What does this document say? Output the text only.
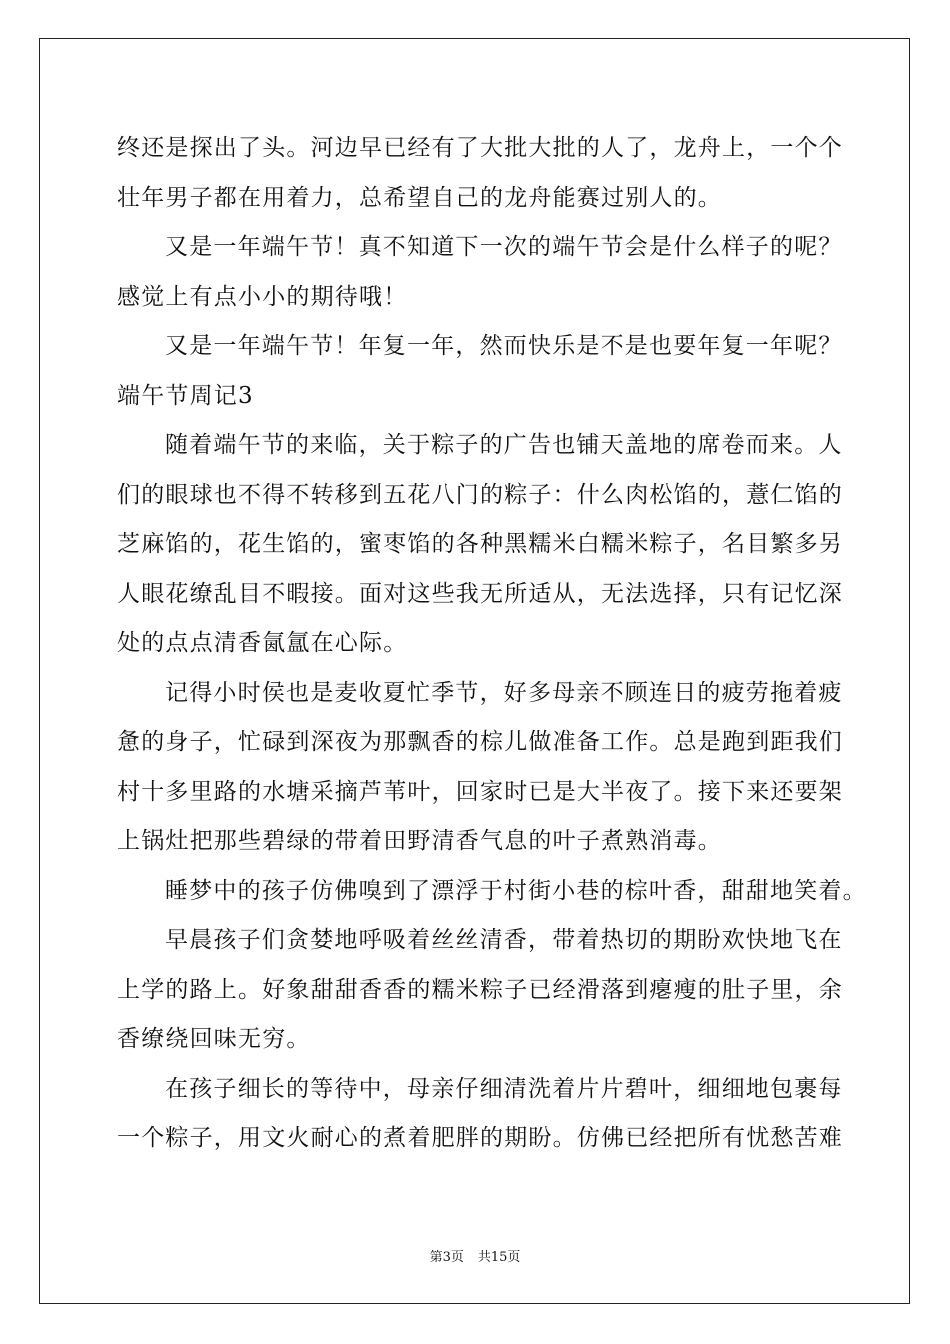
终还是探出了头。河边早已经有了大批大批的人了，龙舟上，一个个
壮年男子都在用着力，总希望自己的龙舟能赛过别人的。
又是一年端午节！真不知道下一次的端午节会是什么样子的呢？
感觉上有点小小的期待哦！
又是一年端午节！年复一年，然而快乐是不是也要年复一年呢？
端午节周记3
随着端午节的来临，关于粽子的广告也铺天盖地的席卷而来。人
们的眼球也不得不转移到五花八门的粽子：什么肉松馅的，薏仁馅的
芝麻馅的，花生馅的，蜜枣馅的各种黑糯米白糯米粽子，名目繁多另
人眼花缭乱目不暇接。面对这些我无所适从，无法选择，只有记忆深
处的点点清香氤氲在心际。
记得小时侯也是麦收夏忙季节，好多母亲不顾连日的疲劳拖着疲
惫的身子，忙碌到深夜为那飘香的棕儿做准备工作。总是跑到距我们
村十多里路的水塘采摘芦苇叶，回家时已是大半夜了。接下来还要架
上锅灶把那些碧绿的带着田野清香气息的叶子煮熟消毒。
睡梦中的孩子仿佛嗅到了漂浮于村街小巷的棕叶香，甜甜地笑着。
早晨孩子们贪婪地呼吸着丝丝清香，带着热切的期盼欢快地飞在
上学的路上。好象甜甜香香的糯米粽子已经滑落到瘪瘦的肚子里，余
香缭绕回味无穷。
在孩子细长的等待中，母亲仔细清洗着片片碧叶，细细地包裹每
一个粽子，用文火耐心的煮着肥胖的期盼。仿佛已经把所有忧愁苦难
第3页 共15页
